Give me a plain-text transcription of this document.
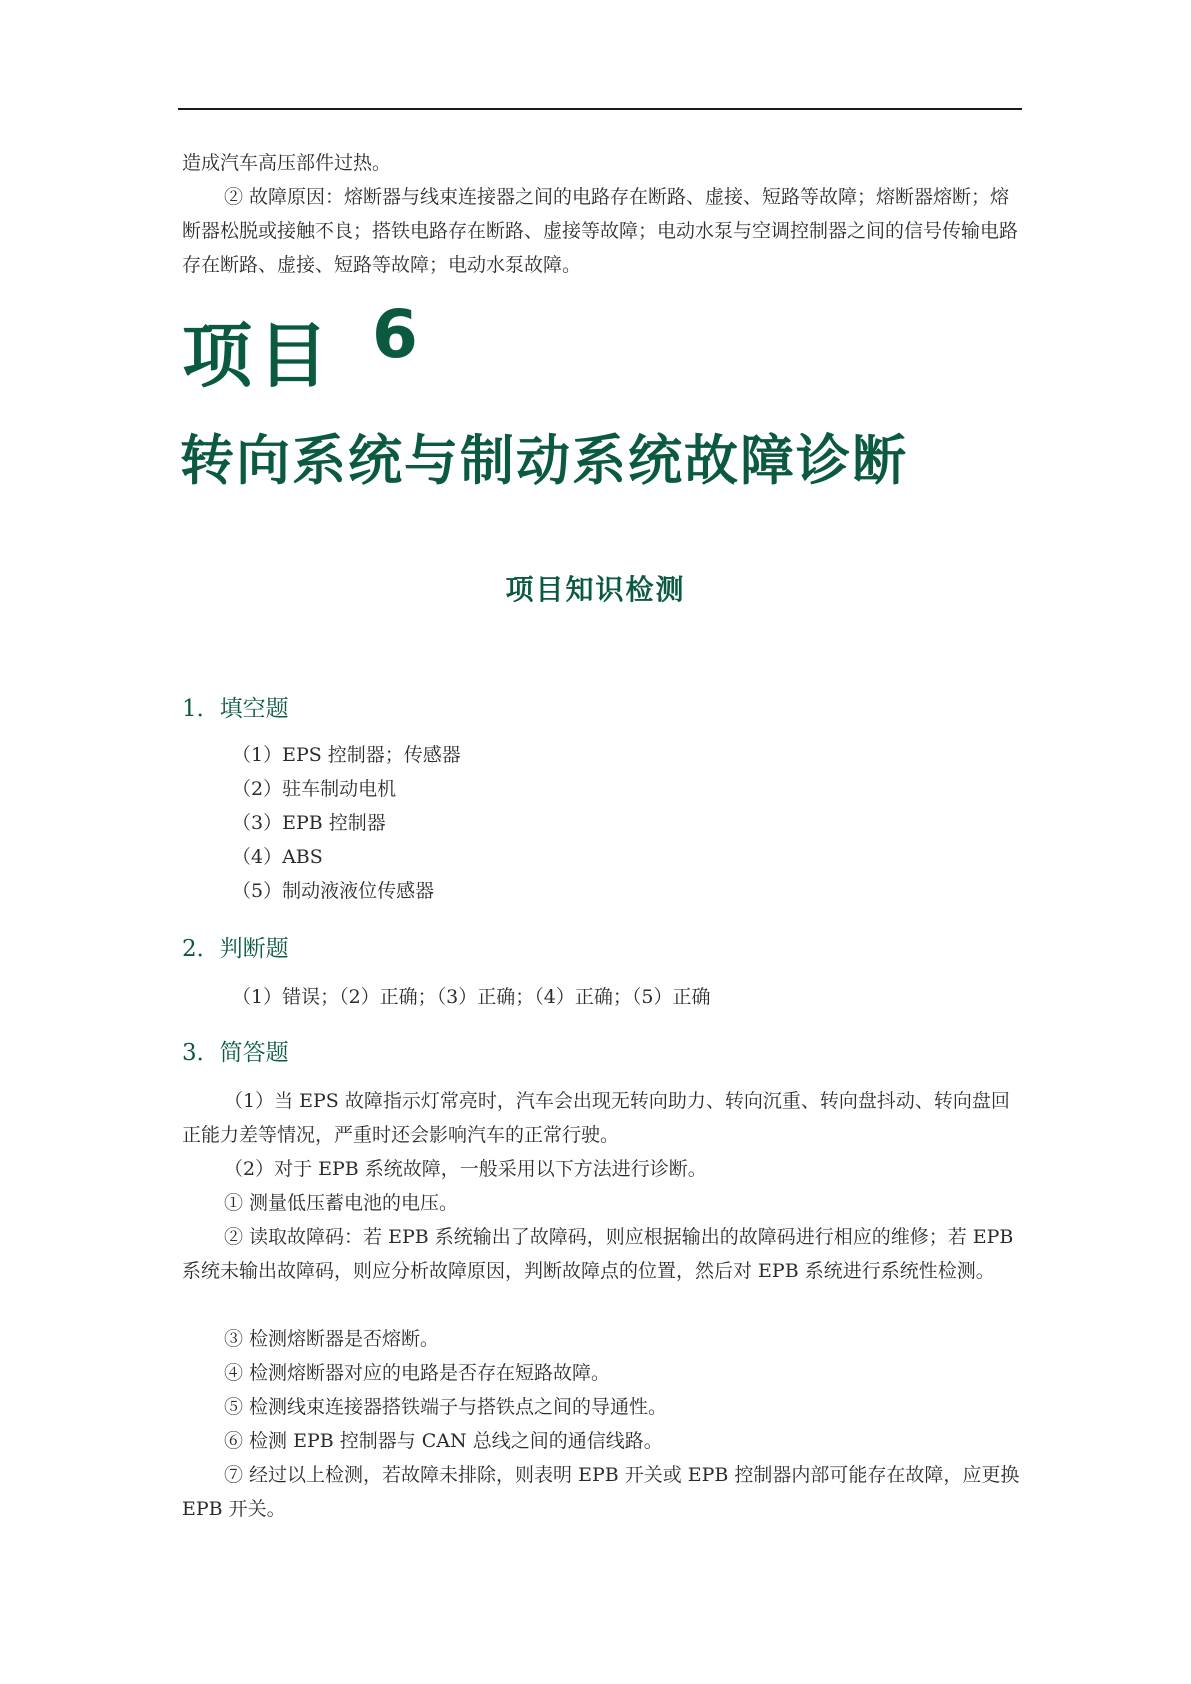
造成汽车高压部件过热。

② 故障原因：熔断器与线束连接器之间的电路存在断路、虚接、短路等故障；熔断器熔断；熔断器松脱或接触不良；搭铁电路存在断路、虚接等故障；电动水泵与空调控制器之间的信号传输电路存在断路、虚接、短路等故障；电动水泵故障。

项目 6
转向系统与制动系统故障诊断
项目知识检测

1．填空题

（1）EPS 控制器；传感器

（2）驻车制动电机

（3）EPB 控制器

（4）ABS

（5）制动液液位传感器

2．判断题

（1）错误；（2）正确；（3）正确；（4）正确；（5）正确

3．简答题

（1）当 EPS 故障指示灯常亮时，汽车会出现无转向助力、转向沉重、转向盘抖动、转向盘回正能力差等情况，严重时还会影响汽车的正常行驶。

（2）对于 EPB 系统故障，一般采用以下方法进行诊断。

① 测量低压蓄电池的电压。

② 读取故障码：若 EPB 系统输出了故障码，则应根据输出的故障码进行相应的维修；若 EPB 系统未输出故障码，则应分析故障原因，判断故障点的位置，然后对 EPB 系统进行系统性检测。

③ 检测熔断器是否熔断。

④ 检测熔断器对应的电路是否存在短路故障。

⑤ 检测线束连接器搭铁端子与搭铁点之间的导通性。

⑥ 检测 EPB 控制器与 CAN 总线之间的通信线路。

⑦ 经过以上检测，若故障未排除，则表明 EPB 开关或 EPB 控制器内部可能存在故障，应更换 EPB 开关。
